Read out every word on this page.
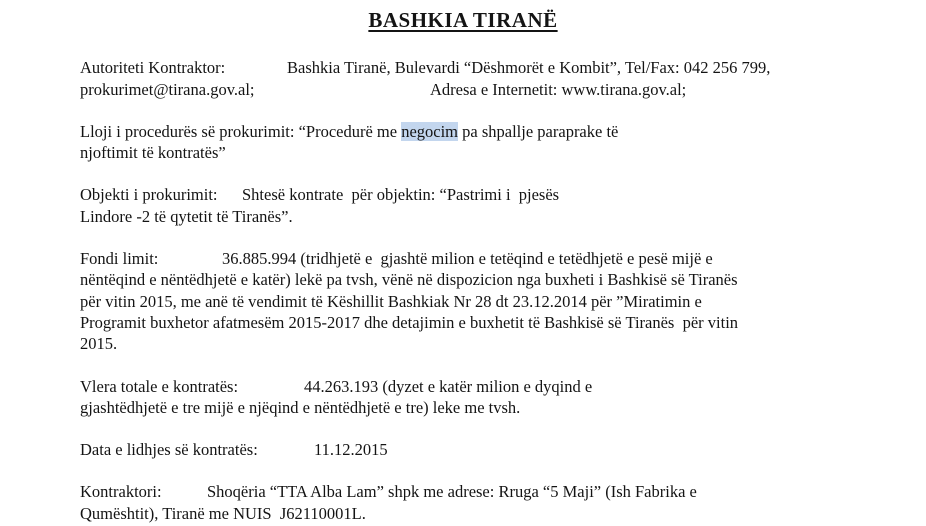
BASHKIA TIRANË
Autoriteti Kontraktor:	Bashkia Tiranë, Bulevardi “Dëshmorët e Kombit”, Tel/Fax: 042 256 799,
prokurimet@tirana.gov.al;	Adresa e Internetit: www.tirana.gov.al;
Lloji i procedurës së prokurimit: “Procedurë me negocim pa shpallje paraprake të
njoftimit të kontratës”
Objekti i prokurimit: Shtesë kontrate  për objektin: “Pastrimi i  pjesës
Lindore -2 të qytetit të Tiranës”.
Fondi limit:	36.885.994 (tridhjetë e  gjashtë milion e tetëqind e tetëdhjetë e pesë mijë e
nëntëqind e nëntëdhjetë e katër) lekë pa tvsh, vënë në dispozicion nga buxheti i Bashkisë së Tiranës
për vitin 2015, me anë të vendimit të Këshillit Bashkiak Nr 28 dt 23.12.2014 për ”Miratimin e
Programit buxhetor afatmesëm 2015-2017 dhe detajimin e buxhetit të Bashkisë së Tiranës  për vitin
2015.
Vlera totale e kontratës:	44.263.193 (dyzet e katër milion e dyqind e
gjashtëdhjetë e tre mijë e njëqind e nëntëdhjetë e tre) leke me tvsh.
Data e lidhjes së kontratës:	11.12.2015
Kontraktori:	Shoqëria “TTA Alba Lam” shpk me adrese: Rruga “5 Maji” (Ish Fabrika e
Qumështit), Tiranë me NUIS  J62110001L.
